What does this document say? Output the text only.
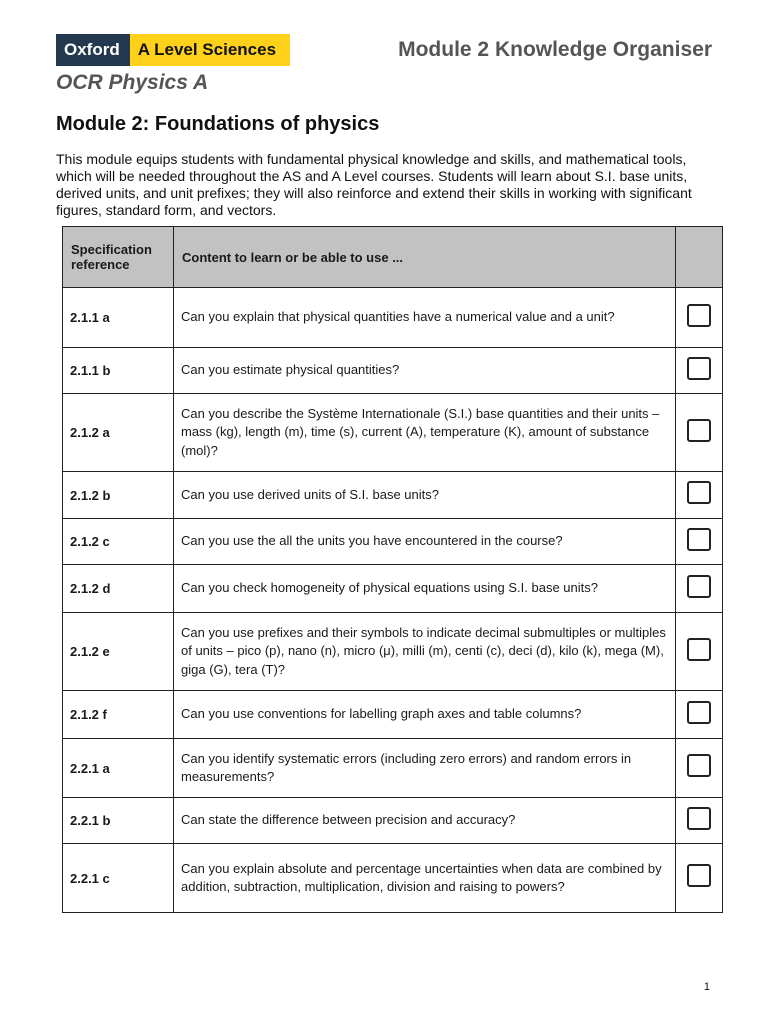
Oxford	A Level Sciences	Module 2 Knowledge Organiser
OCR Physics A
Module 2: Foundations of physics

This module equips students with fundamental physical knowledge and skills, and mathematical tools, which will be needed throughout the AS and A Level courses. Students will learn about S.I. base units, derived units, and unit prefixes; they will also reinforce and extend their skills in working with significant figures, standard form, and vectors.

Specification reference	Content to learn or be able to use ...	
2.1.1 a	Can you explain that physical quantities have a numerical value and a unit?	
2.1.1 b	Can you estimate physical quantities?	
2.1.2 a	Can you describe the Système Internationale (S.I.) base quantities and their units – mass (kg), length (m), time (s), current (A), temperature (K), amount of substance (mol)?	
2.1.2 b	Can you use derived units of S.I. base units?	
2.1.2 c	Can you use the all the units you have encountered in the course?	
2.1.2 d	Can you check homogeneity of physical equations using S.I. base units?	
2.1.2 e	Can you use prefixes and their symbols to indicate decimal submultiples or multiples of units – pico (p), nano (n), micro (μ), milli (m), centi (c), deci (d), kilo (k), mega (M), giga (G), tera (T)?	
2.1.2 f	Can you use conventions for labelling graph axes and table columns?	
2.2.1 a	Can you identify systematic errors (including zero errors) and random errors in measurements?	
2.2.1 b	Can state the difference between precision and accuracy?	
2.2.1 c	Can you explain absolute and percentage uncertainties when data are combined by addition, subtraction, multiplication, division and raising to powers?	
1
